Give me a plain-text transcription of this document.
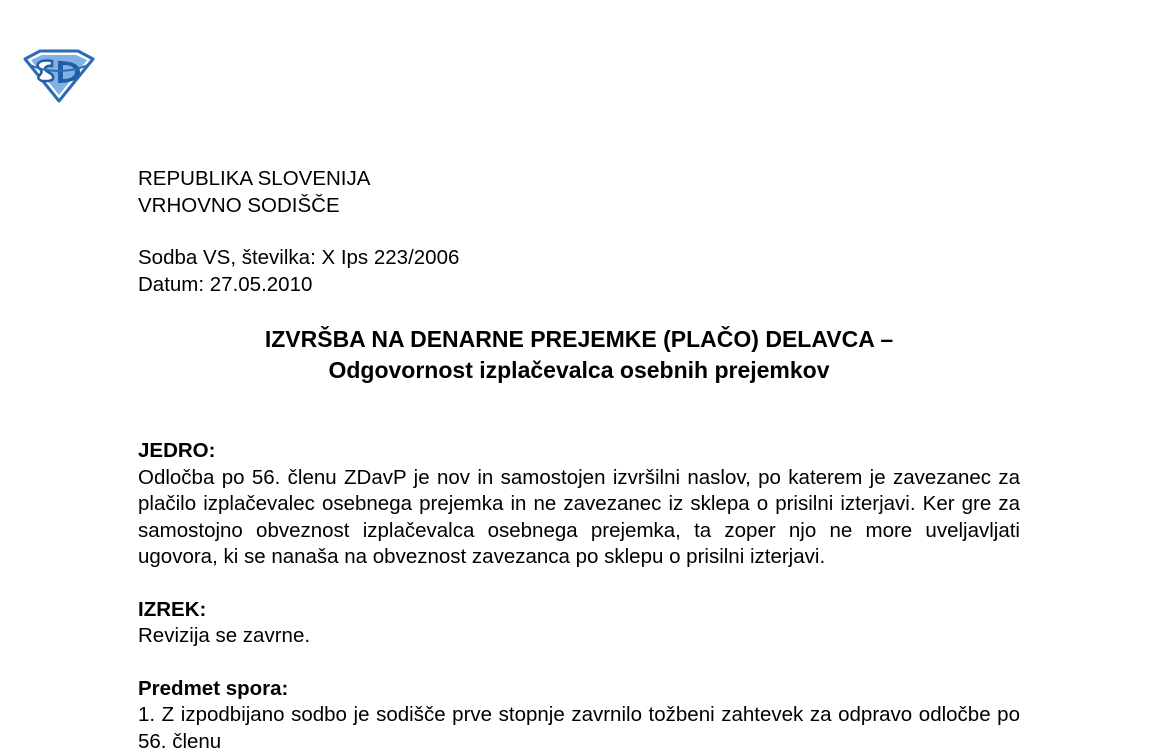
REPUBLIKA SLOVENIJA
VRHOVNO SODIŠČE
Sodba VS, številka: X Ips 223/2006
Datum: 27.05.2010
IZVRŠBA NA DENARNE PREJEMKE (PLAČO) DELAVCA –
Odgovornost izplačevalca osebnih prejemkov
JEDRO:
Odločba po 56. členu ZDavP je nov in samostojen izvršilni naslov, po katerem je zavezanec za plačilo izplačevalec osebnega prejemka in ne zavezanec iz sklepa o prisilni izterjavi. Ker gre za samostojno obveznost izplačevalca osebnega prejemka, ta zoper njo ne more uveljavljati ugovora, ki se nanaša na obveznost zavezanca po sklepu o prisilni izterjavi.
IZREK:
Revizija se zavrne.
Predmet spora:
1. Z izpodbijano sodbo je sodišče prve stopnje zavrnilo tožbeni zahtevek za odpravo odločbe po 56. členu
